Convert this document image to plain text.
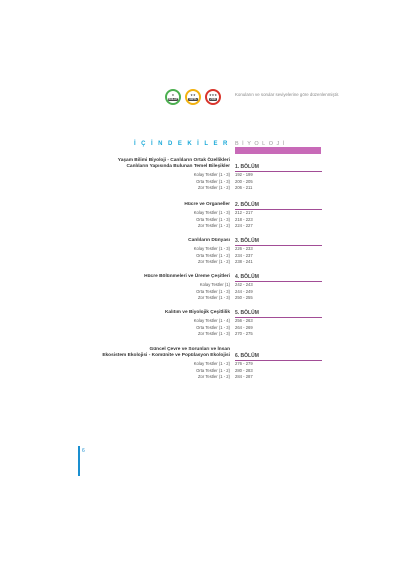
★
KOLAY
★★
ORTA
★★★
ZOR
Konuların ve sorular seviyelerine göre düzenlenmiştir.
İÇİNDEKİLER BİYOLOJİ
Yaşam Bilimi Biyoloji - Canlıların Ortak Özellikleri
Canlıların Yapısında Bulunan Temel Bileşikler 1. BÖLÜM
Kolay Testler (1 - 3) 192 - 199
Orta Testler (1 - 3) 200 - 205
Zor Testler (1 - 2) 206 - 211
Hücre ve Organeller 2. BÖLÜM
Kolay Testler (1 - 3) 212 - 217
Orta Testler (1 - 3) 218 - 223
Zor Testler (1 - 2) 224 - 227
Canlıların Dünyası 3. BÖLÜM
Kolay Testler (1 - 3) 226 - 233
Orta Testler (1 - 2) 234 - 237
Zor Testler (1 - 2) 238 - 241
Hücre Bölünmeleri ve Üreme Çeşitleri 4. BÖLÜM
Kolay Testler (1) 242 - 243
Orta Testler (1 - 3) 244 - 249
Zor Testler (1 - 3) 250 - 255
Kalıtım ve Biyolojik Çeşitlilik 5. BÖLÜM
Kolay Testler (1 - 4) 256 - 263
Orta Testler (1 - 3) 264 - 269
Zor Testler (1 - 3) 270 - 275
Güncel Çevre ve Sorunları ve İnsan
Ekosistem Ekolojisi - Komünite ve Popülasyon Ekolojisi 6. BÖLÜM
Kolay Testler (1 - 2) 276 - 279
Orta Testler (1 - 2) 280 - 283
Zor Testler (1 - 2) 284 - 287
6
